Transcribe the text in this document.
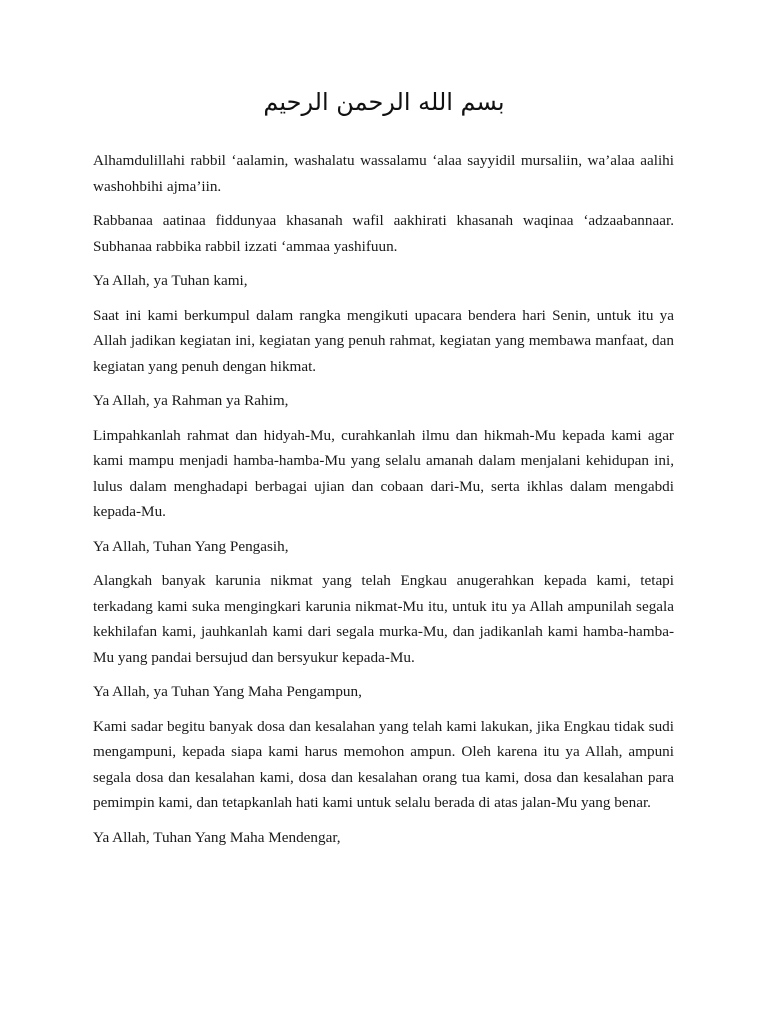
بسم الله الرحمن الرحيم

Alhamdulillahi rabbil ‘aalamin, washalatu wassalamu ‘alaa sayyidil mursaliin, wa’alaa aalihi washohbihi ajma’iin.

Rabbanaa aatinaa fiddunyaa khasanah wafil aakhirati khasanah waqinaa ‘adzaabannaar. Subhanaa rabbika rabbil izzati ‘ammaa yashifuun.

Ya Allah, ya Tuhan kami,

Saat ini kami berkumpul dalam rangka mengikuti upacara bendera hari Senin, untuk itu ya Allah jadikan kegiatan ini, kegiatan yang penuh rahmat, kegiatan yang membawa manfaat, dan kegiatan yang penuh dengan hikmat.

Ya Allah, ya Rahman ya Rahim,

Limpahkanlah rahmat dan hidyah-Mu, curahkanlah ilmu dan hikmah-Mu kepada kami agar kami mampu menjadi hamba-hamba-Mu yang selalu amanah dalam menjalani kehidupan ini, lulus dalam menghadapi berbagai ujian dan cobaan dari-Mu, serta ikhlas dalam mengabdi kepada-Mu.

Ya Allah, Tuhan Yang Pengasih,

Alangkah banyak karunia nikmat yang telah Engkau anugerahkan kepada kami, tetapi terkadang kami suka mengingkari karunia nikmat-Mu itu, untuk itu ya Allah ampunilah segala kekhilafan kami, jauhkanlah kami dari segala murka-Mu, dan jadikanlah kami hamba-hamba-Mu yang pandai bersujud dan bersyukur kepada-Mu.

Ya Allah, ya Tuhan Yang Maha Pengampun,

Kami sadar begitu banyak dosa dan kesalahan yang telah kami lakukan, jika Engkau tidak sudi mengampuni, kepada siapa kami harus memohon ampun. Oleh karena itu ya Allah, ampuni segala dosa dan kesalahan kami, dosa dan kesalahan orang tua kami, dosa dan kesalahan para pemimpin kami, dan tetapkanlah hati kami untuk selalu berada di atas jalan-Mu yang benar.

Ya Allah, Tuhan Yang Maha Mendengar,
